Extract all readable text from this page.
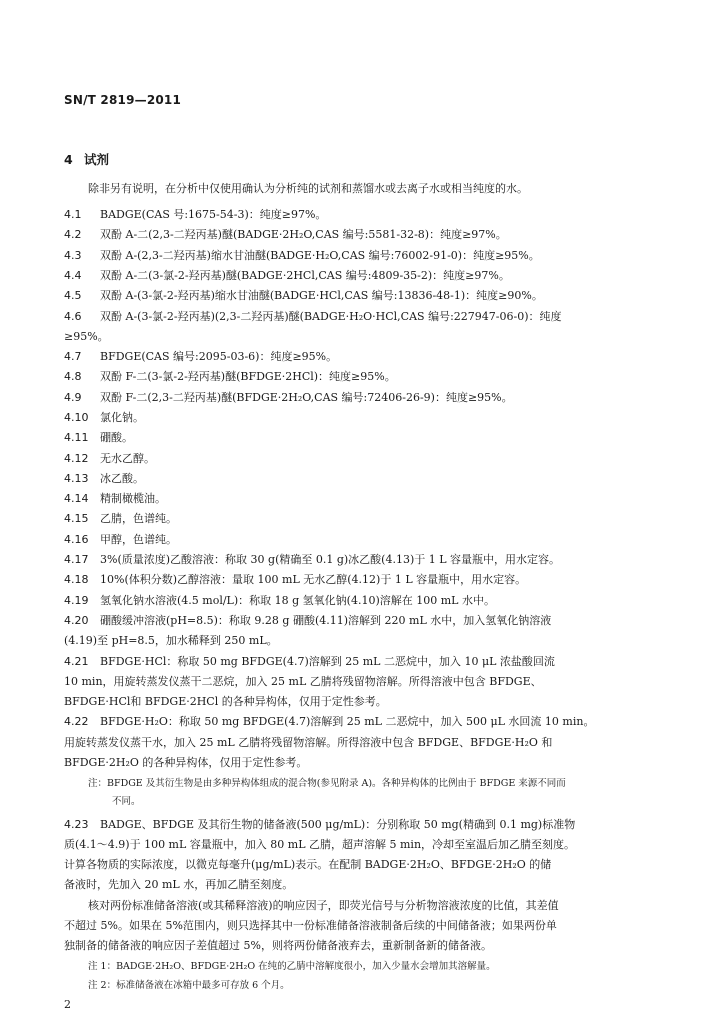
SN/T 2819—2011
4 试剂
除非另有说明，在分析中仅使用确认为分析纯的试剂和蒸馏水或去离子水或相当纯度的水。
4.1 BADGE(CAS 号:1675-54-3)：纯度≥97%。
4.2 双酚 A-二(2,3-二羟丙基)醚(BADGE·2H₂O,CAS 编号:5581-32-8)：纯度≥97%。
4.3 双酚 A-(2,3-二羟丙基)缩水甘油醚(BADGE·H₂O,CAS 编号:76002-91-0)：纯度≥95%。
4.4 双酚 A-二(3-氯-2-羟丙基)醚(BADGE·2HCl,CAS 编号:4809-35-2)：纯度≥97%。
4.5 双酚 A-(3-氯-2-羟丙基)缩水甘油醚(BADGE·HCl,CAS 编号:13836-48-1)：纯度≥90%。
4.6 双酚 A-(3-氯-2-羟丙基)(2,3-二羟丙基)醚(BADGE·H₂O·HCl,CAS 编号:227947-06-0)：纯度
≥95%。
4.7 BFDGE(CAS 编号:2095-03-6)：纯度≥95%。
4.8 双酚 F-二(3-氯-2-羟丙基)醚(BFDGE·2HCl)：纯度≥95%。
4.9 双酚 F-二(2,3-二羟丙基)醚(BFDGE·2H₂O,CAS 编号:72406-26-9)：纯度≥95%。
4.10 氯化钠。
4.11 硼酸。
4.12 无水乙醇。
4.13 冰乙酸。
4.14 精制橄榄油。
4.15 乙腈，色谱纯。
4.16 甲醇，色谱纯。
4.17 3%(质量浓度)乙酸溶液：称取 30 g(精确至 0.1 g)冰乙酸(4.13)于 1 L 容量瓶中，用水定容。
4.18 10%(体积分数)乙醇溶液：量取 100 mL 无水乙醇(4.12)于 1 L 容量瓶中，用水定容。
4.19 氢氧化钠水溶液(4.5 mol/L)：称取 18 g 氢氧化钠(4.10)溶解在 100 mL 水中。
4.20 硼酸缓冲溶液(pH=8.5)：称取 9.28 g 硼酸(4.11)溶解到 220 mL 水中，加入氢氧化钠溶液
(4.19)至 pH=8.5，加水稀释到 250 mL。
4.21 BFDGE·HCl：称取 50 mg BFDGE(4.7)溶解到 25 mL 二恶烷中，加入 10 μL 浓盐酸回流
10 min，用旋转蒸发仪蒸干二恶烷，加入 25 mL 乙腈将残留物溶解。所得溶液中包含 BFDGE、
BFDGE·HCl和 BFDGE·2HCl 的各种异构体，仅用于定性参考。
4.22 BFDGE·H₂O：称取 50 mg BFDGE(4.7)溶解到 25 mL 二恶烷中，加入 500 μL 水回流 10 min。
用旋转蒸发仪蒸干水，加入 25 mL 乙腈将残留物溶解。所得溶液中包含 BFDGE、BFDGE·H₂O 和
BFDGE·2H₂O 的各种异构体，仅用于定性参考。
注：BFDGE 及其衍生物是由多种异构体组成的混合物(参见附录 A)。各种异构体的比例由于 BFDGE 来源不同而
不同。
4.23 BADGE、BFDGE 及其衍生物的储备液(500 μg/mL)：分别称取 50 mg(精确到 0.1 mg)标准物
质(4.1～4.9)于 100 mL 容量瓶中，加入 80 mL 乙腈，超声溶解 5 min，冷却至室温后加乙腈至刻度。
计算各物质的实际浓度，以微克每毫升(μg/mL)表示。在配制 BADGE·2H₂O、BFDGE·2H₂O 的储
备液时，先加入 20 mL 水，再加乙腈至刻度。
核对两份标准储备溶液(或其稀释溶液)的响应因子，即荧光信号与分析物溶液浓度的比值，其差值
不超过 5%。如果在 5%范围内，则只选择其中一份标准储备溶液制备后续的中间储备液；如果两份单
独制备的储备液的响应因子差值超过 5%，则将两份储备液弃去，重新制备新的储备液。
注 1：BADGE·2H₂O、BFDGE·2H₂O 在纯的乙腈中溶解度很小，加入少量水会增加其溶解量。
注 2：标准储备液在冰箱中最多可存放 6 个月。
2
